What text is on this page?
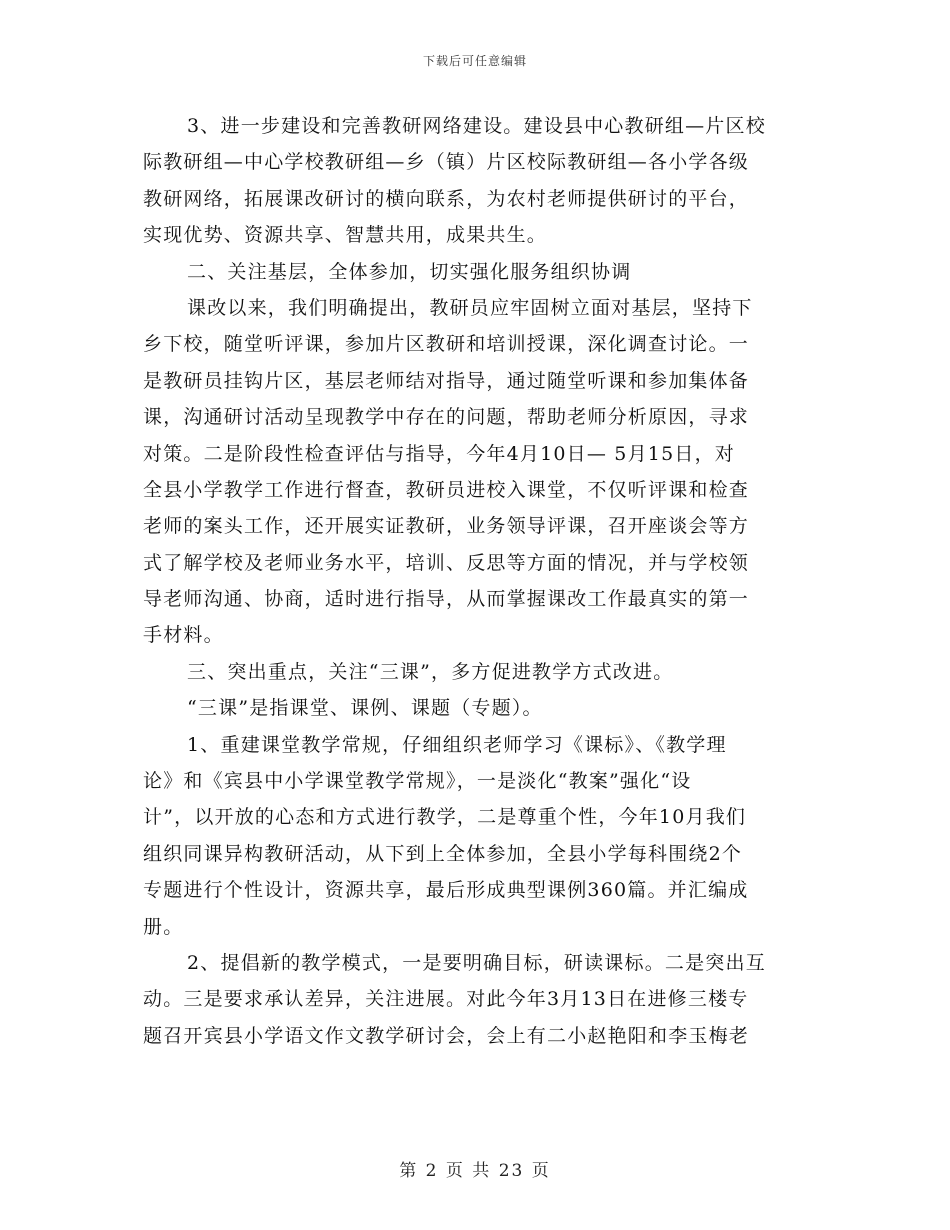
下载后可任意编辑
3、进一步建设和完善教研网络建设。建设县中心教研组—片区校
际教研组—中心学校教研组—乡（镇）片区校际教研组—各小学各级
教研网络，拓展课改研讨的横向联系，为农村老师提供研讨的平台，
实现优势、资源共享、智慧共用，成果共生。
二、关注基层，全体参加，切实强化服务组织协调
课改以来，我们明确提出，教研员应牢固树立面对基层，坚持下
乡下校，随堂听评课，参加片区教研和培训授课，深化调查讨论。一
是教研员挂钩片区，基层老师结对指导，通过随堂听课和参加集体备
课，沟通研讨活动呈现教学中存在的问题，帮助老师分析原因，寻求
对策。二是阶段性检查评估与指导，今年4月10日— 5月15日，对
全县小学教学工作进行督查，教研员进校入课堂，不仅听评课和检查
老师的案头工作，还开展实证教研，业务领导评课，召开座谈会等方
式了解学校及老师业务水平，培训、反思等方面的情况，并与学校领
导老师沟通、协商，适时进行指导，从而掌握课改工作最真实的第一
手材料。
三、突出重点，关注“三课”，多方促进教学方式改进。
“三课”是指课堂、课例、课题（专题）。
1、重建课堂教学常规，仔细组织老师学习《课标》、《教学理
论》和《宾县中小学课堂教学常规》，一是淡化“教案”强化“设
计”，以开放的心态和方式进行教学，二是尊重个性，今年10月我们
组织同课异构教研活动，从下到上全体参加，全县小学每科围绕2个
专题进行个性设计，资源共享，最后形成典型课例360篇。并汇编成
册。
2、提倡新的教学模式，一是要明确目标，研读课标。二是突出互
动。三是要求承认差异，关注进展。对此今年3月13日在进修三楼专
题召开宾县小学语文作文教学研讨会，会上有二小赵艳阳和李玉梅老
第 2 页 共 23 页
